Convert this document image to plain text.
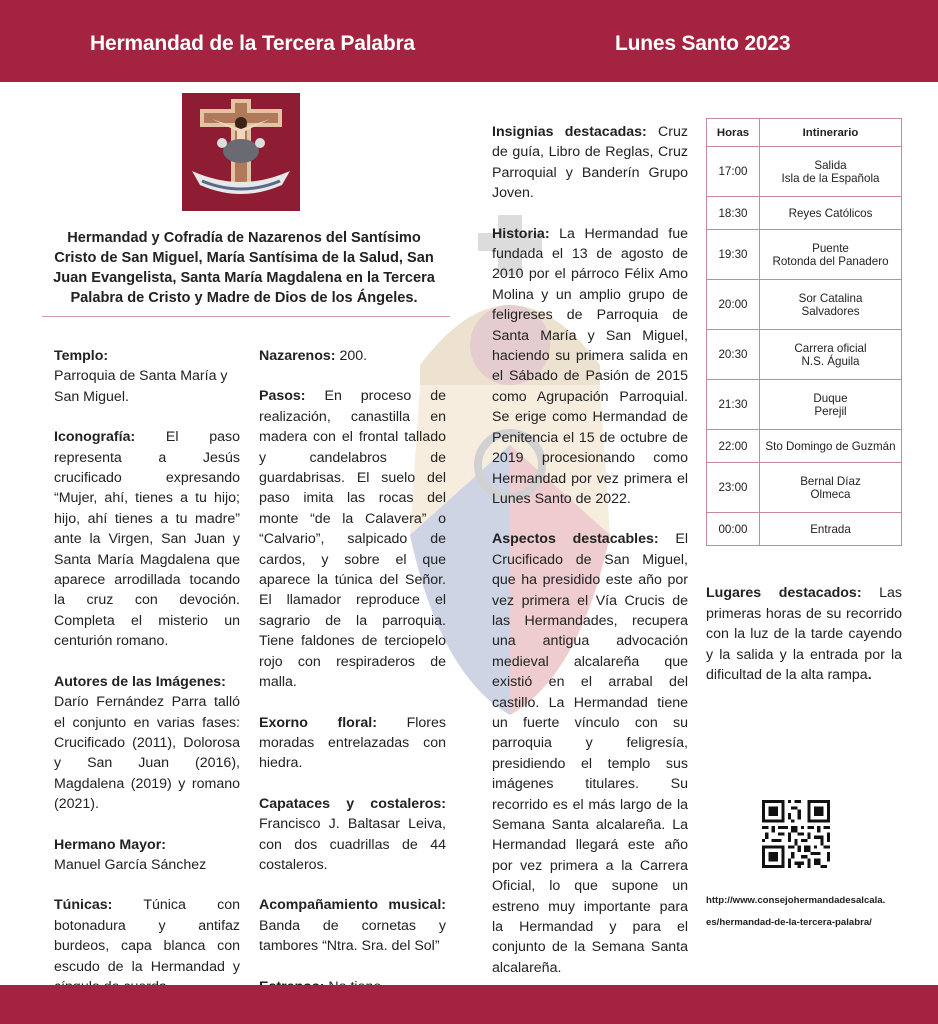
Hermandad de la Tercera Palabra	Lunes Santo 2023
Hermandad y Cofradía de Nazarenos del Santísimo Cristo de San Miguel, María Santísima de la Salud, San Juan Evangelista, Santa María Magdalena en la Tercera Palabra de Cristo y Madre de Dios de los Ángeles.

Templo:
Parroquia de Santa María y San Miguel.

Iconografía: El paso representa a Jesús crucificado expresando “Mujer, ahí, tienes a tu hijo; hijo, ahí tienes a tu madre” ante la Virgen, San Juan y Santa María Magdalena que aparece arrodillada tocando la cruz con devoción. Completa el misterio un centurión romano.

Autores de las Imágenes:
Darío Fernández Parra talló el conjunto en varias fases: Crucificado (2011), Dolorosa y San Juan (2016), Magdalena (2019) y romano (2021).

Hermano Mayor:
Manuel García Sánchez

Túnicas: Túnica con botonadura y antifaz burdeos, capa blanca con escudo de la Hermandad y

Nazarenos: 200.

Pasos: En proceso de realización, canastilla en madera con el frontal tallado y candelabros de guardabrisas. El suelo del paso imita las rocas del monte “de la Calavera” o “Calvario”, salpicado de cardos, y sobre el que aparece la túnica del Señor. El llamador reproduce el sagrario de la parroquia. Tiene faldones de terciopelo rojo con respiraderos de malla.

Exorno floral: Flores moradas entrelazadas con hiedra.

Capataces y costaleros: Francisco J. Baltasar Leiva, con dos cuadrillas de 44 costaleros.

Acompañamiento musical: Banda de cornetas y tambores “Ntra. Sra. del Sol”

Insignias destacadas: Cruz de guía, Libro de Reglas, Cruz Parroquial y Banderín Grupo Joven.

Historia: La Hermandad fue fundada el 13 de agosto de 2010 por el párroco Félix Amo Molina y un amplio grupo de feligreses de Parroquia de Santa María y San Miguel, haciendo su primera salida en el Sábado de Pasión de 2015 como Agrupación Parroquial. Se erige como Hermandad de Penitencia el 15 de octubre de 2019 procesionando como Hermandad por vez primera el Lunes Santo de 2022.

Aspectos destacables: El Crucificado de San Miguel, que ha presidido este año por vez primera el Vía Crucis de las Hermandades, recupera una antigua advocación medieval alcalareña que existió en el arrabal del castillo. La Hermandad tiene un fuerte vínculo con su parroquia y feligresía, presidiendo el templo sus imágenes titulares. Su recorrido es el más largo de la Semana Santa alcalareña. La Hermandad llegará este año por vez primera a la Carrera Oficial, lo que supone un estreno muy importante para la Hermandad y para el conjunto de la Semana Santa alcalareña.

Horas	Intinerario
17:00	Salida
Isla de la Española
18:30	Reyes Católicos
19:30	Puente
Rotonda del Panadero
20:00	Sor Catalina
Salvadores
20:30	Carrera oficial
N.S. Águila
21:30	Duque
Perejil
22:00	Sto Domingo de Guzmán
23:00	Bernal Díaz
Olmeca
00:00	Entrada
Lugares destacados: Las primeras horas de su recorrido con la luz de la tarde cayendo y la salida y la entrada por la dificultad de la alta rampa.
http://www.consejohermandadesalcala.
es/hermandad-de-la-tercera-palabra/
